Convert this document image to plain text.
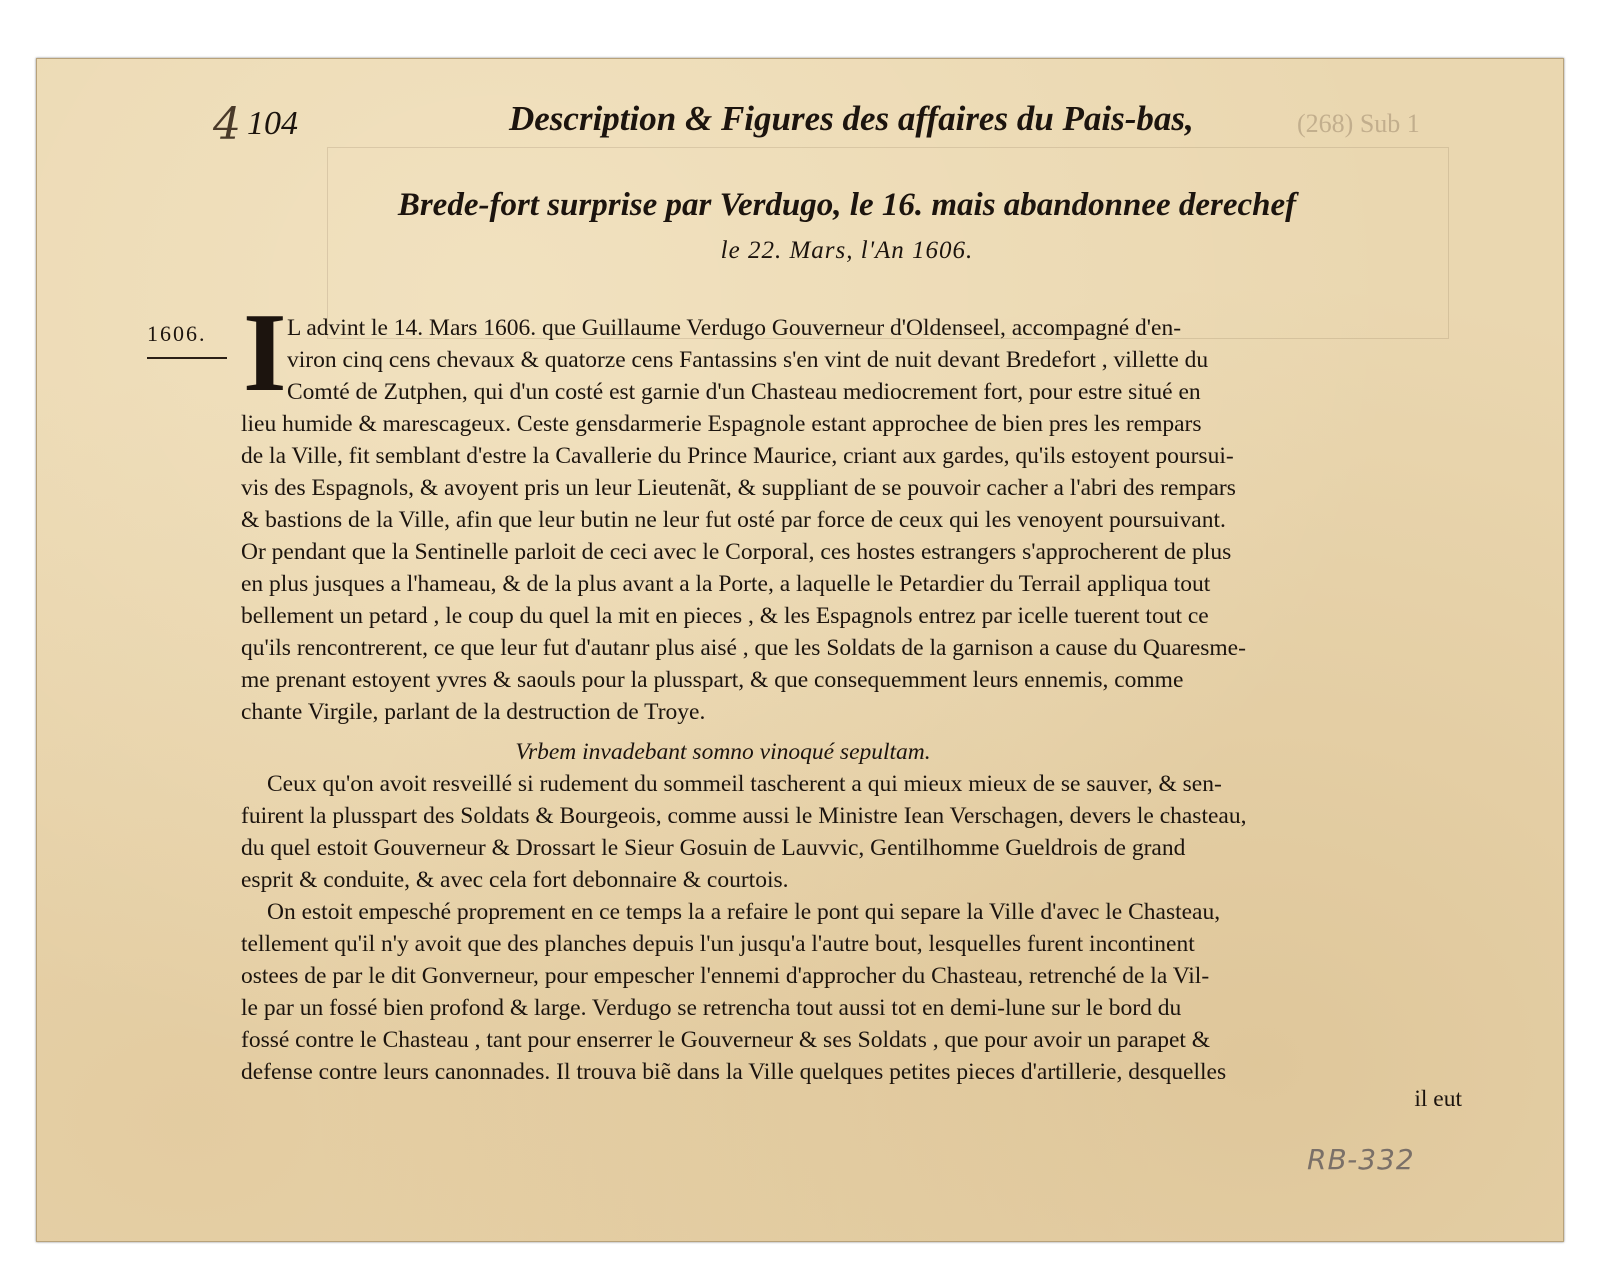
(268) Sub 1
4 104	Description & Figures des affaires du Pais-bas,
Brede-fort surprise par Verdugo, le 16. mais abandonnee derechef
le 22. Mars, l'An 1606.
1606. I L advint le 14. Mars 1606. que Guillaume Verdugo Gouverneur d'Oldenseel, accompagné d'en-
viron cinq cens chevaux & quatorze cens Fantassins s'en vint de nuit devant Bredefort , villette du
Comté de Zutphen, qui d'un costé est garnie d'un Chasteau mediocrement fort, pour estre situé en
lieu humide & marescageux. Ceste gensdarmerie Espagnole estant approchee de bien pres les rempars
de la Ville, fit semblant d'estre la Cavallerie du Prince Maurice, criant aux gardes, qu'ils estoyent poursui-
vis des Espagnols, & avoyent pris un leur Lieutenãt, & suppliant de se pouvoir cacher a l'abri des rempars
& bastions de la Ville, afin que leur butin ne leur fut osté par force de ceux qui les venoyent poursuivant.
Or pendant que la Sentinelle parloit de ceci avec le Corporal, ces hostes estrangers s'approcherent de plus
en plus jusques a l'hameau, & de la plus avant a la Porte, a laquelle le Petardier du Terrail appliqua tout
bellement un petard , le coup du quel la mit en pieces , & les Espagnols entrez par icelle tuerent tout ce
qu'ils rencontrerent, ce que leur fut d'autanr plus aisé , que les Soldats de la garnison a cause du Quaresme-
me prenant estoyent yvres & saouls pour la plusspart, & que consequemment leurs ennemis, comme
chante Virgile, parlant de la destruction de Troye.
Vrbem invadebant somno vinoqué sepultam.
Ceux qu'on avoit resveillé si rudement du sommeil tascherent a qui mieux mieux de se sauver, & sen-
fuirent la plusspart des Soldats & Bourgeois, comme aussi le Ministre Iean Verschagen, devers le chasteau,
du quel estoit Gouverneur & Drossart le Sieur Gosuin de Lauvvic, Gentilhomme Gueldrois de grand
esprit & conduite, & avec cela fort debonnaire & courtois.
On estoit empesché proprement en ce temps la a refaire le pont qui separe la Ville d'avec le Chasteau,
tellement qu'il n'y avoit que des planches depuis l'un jusqu'a l'autre bout, lesquelles furent incontinent
ostees de par le dit Gonverneur, pour empescher l'ennemi d'approcher du Chasteau, retrenché de la Vil-
le par un fossé bien profond & large. Verdugo se retrencha tout aussi tot en demi-lune sur le bord du
fossé contre le Chasteau , tant pour enserrer le Gouverneur & ses Soldats , que pour avoir un parapet &
defense contre leurs canonnades. Il trouva biẽ dans la Ville quelques petites pieces d'artillerie, desquelles
il eut
RB-332
